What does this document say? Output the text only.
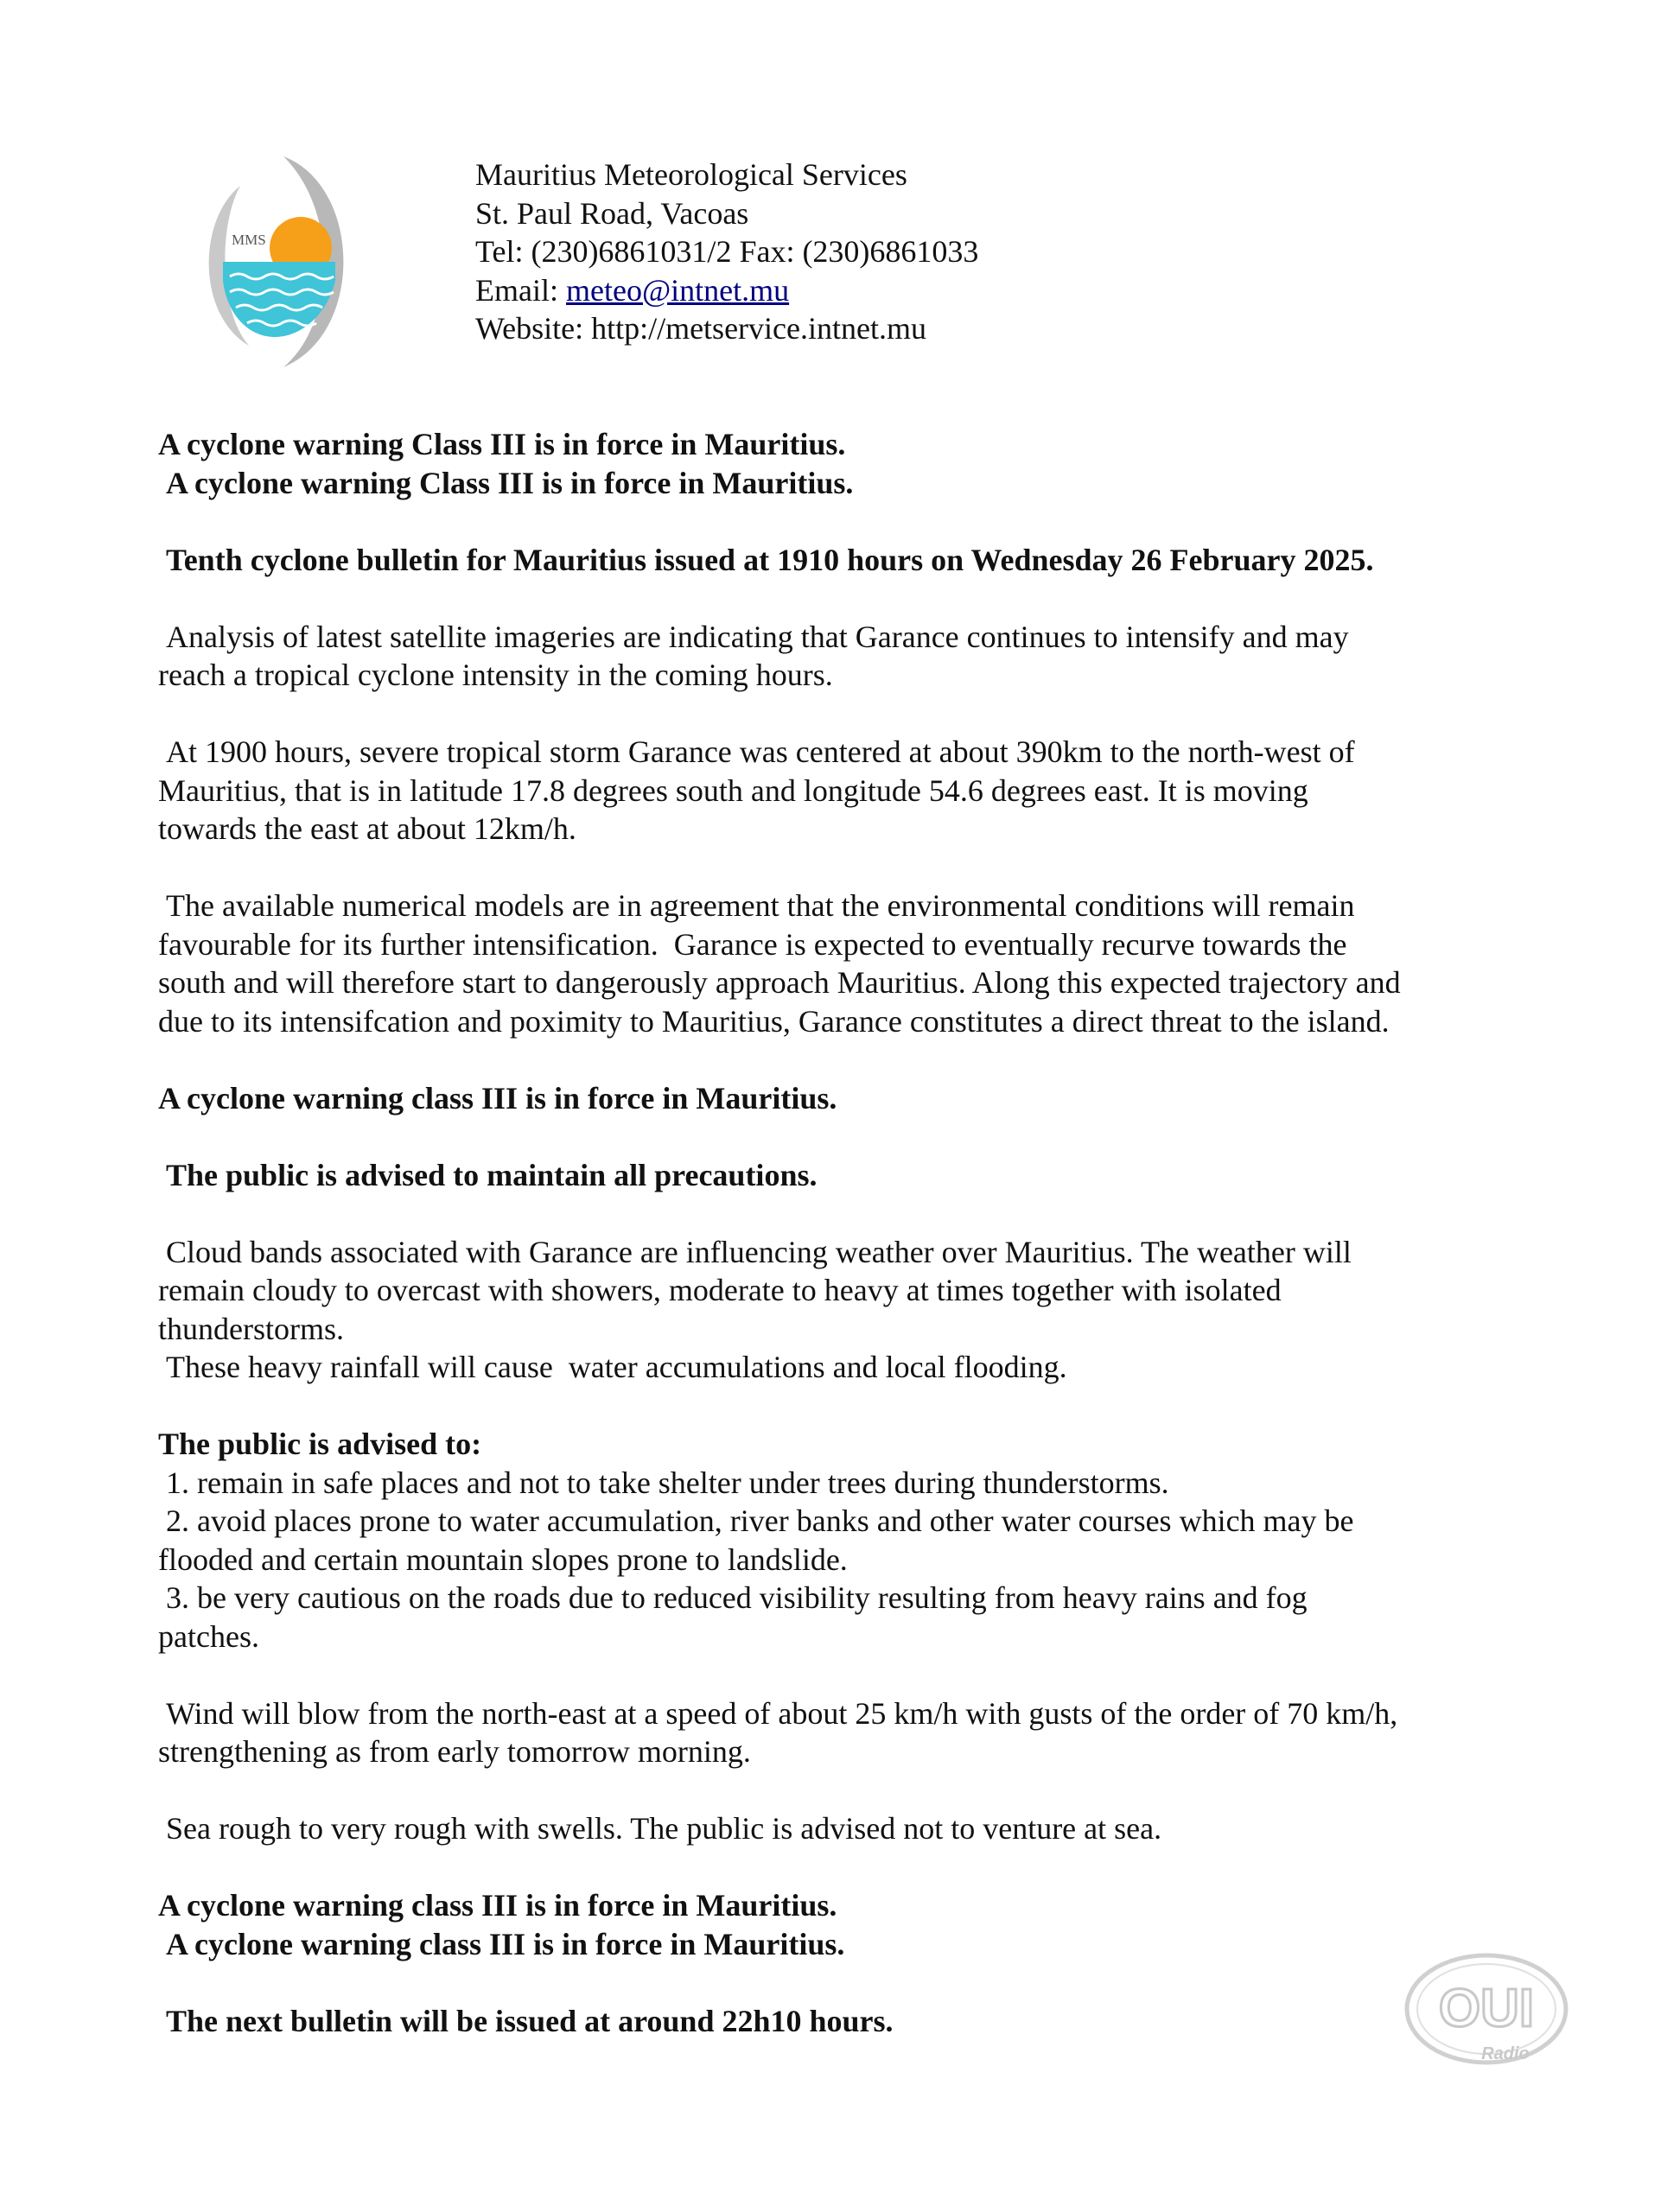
MMS
Mauritius Meteorological Services
St. Paul Road, Vacoas
Tel: (230)6861031/2 Fax: (230)6861033
Email: meteo@intnet.mu
Website: http://metservice.intnet.mu

A cyclone warning Class III is in force in Mauritius.

A cyclone warning Class III is in force in Mauritius.

Tenth cyclone bulletin for Mauritius issued at 1910 hours on Wednesday 26 February 2025.

Analysis of latest satellite imageries are indicating that Garance continues to intensify and may

reach a tropical cyclone intensity in the coming hours.

At 1900 hours, severe tropical storm Garance was centered at about 390km to the north-west of

Mauritius, that is in latitude 17.8 degrees south and longitude 54.6 degrees east. It is moving

towards the east at about 12km/h.

The available numerical models are in agreement that the environmental conditions will remain

favourable for its further intensification.  Garance is expected to eventually recurve towards the

south and will therefore start to dangerously approach Mauritius. Along this expected trajectory and

due to its intensifcation and poximity to Mauritius, Garance constitutes a direct threat to the island.

A cyclone warning class III is in force in Mauritius.

The public is advised to maintain all precautions.

Cloud bands associated with Garance are influencing weather over Mauritius. The weather will

remain cloudy to overcast with showers, moderate to heavy at times together with isolated

thunderstorms.

These heavy rainfall will cause  water accumulations and local flooding.

The public is advised to:

1. remain in safe places and not to take shelter under trees during thunderstorms.

2. avoid places prone to water accumulation, river banks and other water courses which may be

flooded and certain mountain slopes prone to landslide.

3. be very cautious on the roads due to reduced visibility resulting from heavy rains and fog

patches.

Wind will blow from the north-east at a speed of about 25 km/h with gusts of the order of 70 km/h,

strengthening as from early tomorrow morning.

Sea rough to very rough with swells. The public is advised not to venture at sea.

A cyclone warning class III is in force in Mauritius.

A cyclone warning class III is in force in Mauritius.

The next bulletin will be issued at around 22h10 hours.	OUI
Radio
